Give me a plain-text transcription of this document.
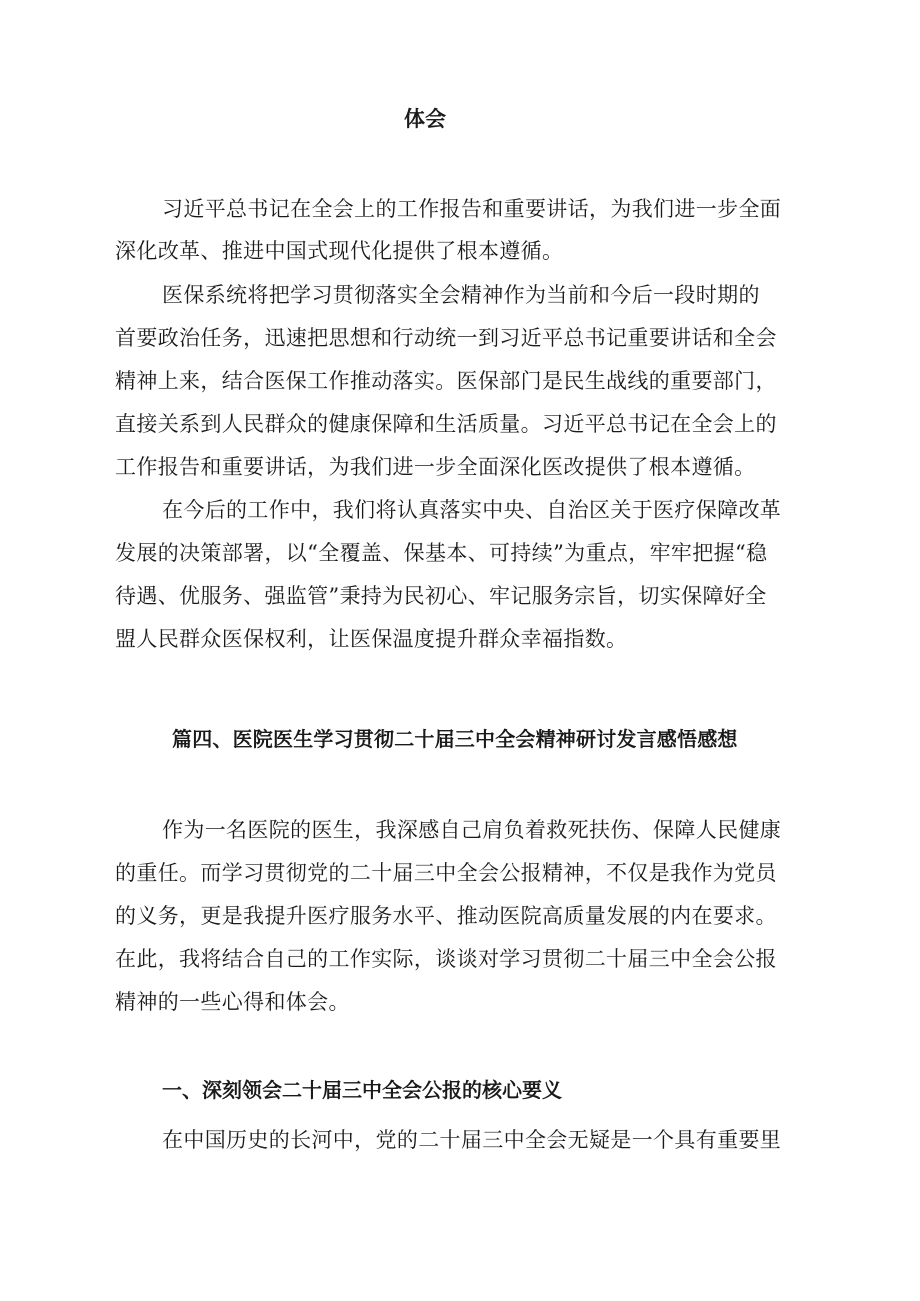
体会
习近平总书记在全会上的工作报告和重要讲话，为我们进一步全面
深化改革、推进中国式现代化提供了根本遵循。
医保系统将把学习贯彻落实全会精神作为当前和今后一段时期的
首要政治任务，迅速把思想和行动统一到习近平总书记重要讲话和全会
精神上来，结合医保工作推动落实。医保部门是民生战线的重要部门，
直接关系到人民群众的健康保障和生活质量。习近平总书记在全会上的
工作报告和重要讲话，为我们进一步全面深化医改提供了根本遵循。
在今后的工作中，我们将认真落实中央、自治区关于医疗保障改革
发展的决策部署，以“全覆盖、保基本、可持续”为重点，牢牢把握“稳
待遇、优服务、强监管”秉持为民初心、牢记服务宗旨，切实保障好全
盟人民群众医保权利，让医保温度提升群众幸福指数。
篇四、医院医生学习贯彻二十届三中全会精神研讨发言感悟感想
作为一名医院的医生，我深感自己肩负着救死扶伤、保障人民健康
的重任。而学习贯彻党的二十届三中全会公报精神，不仅是我作为党员
的义务，更是我提升医疗服务水平、推动医院高质量发展的内在要求。
在此，我将结合自己的工作实际，谈谈对学习贯彻二十届三中全会公报
精神的一些心得和体会。
一、深刻领会二十届三中全会公报的核心要义
在中国历史的长河中，党的二十届三中全会无疑是一个具有重要里
